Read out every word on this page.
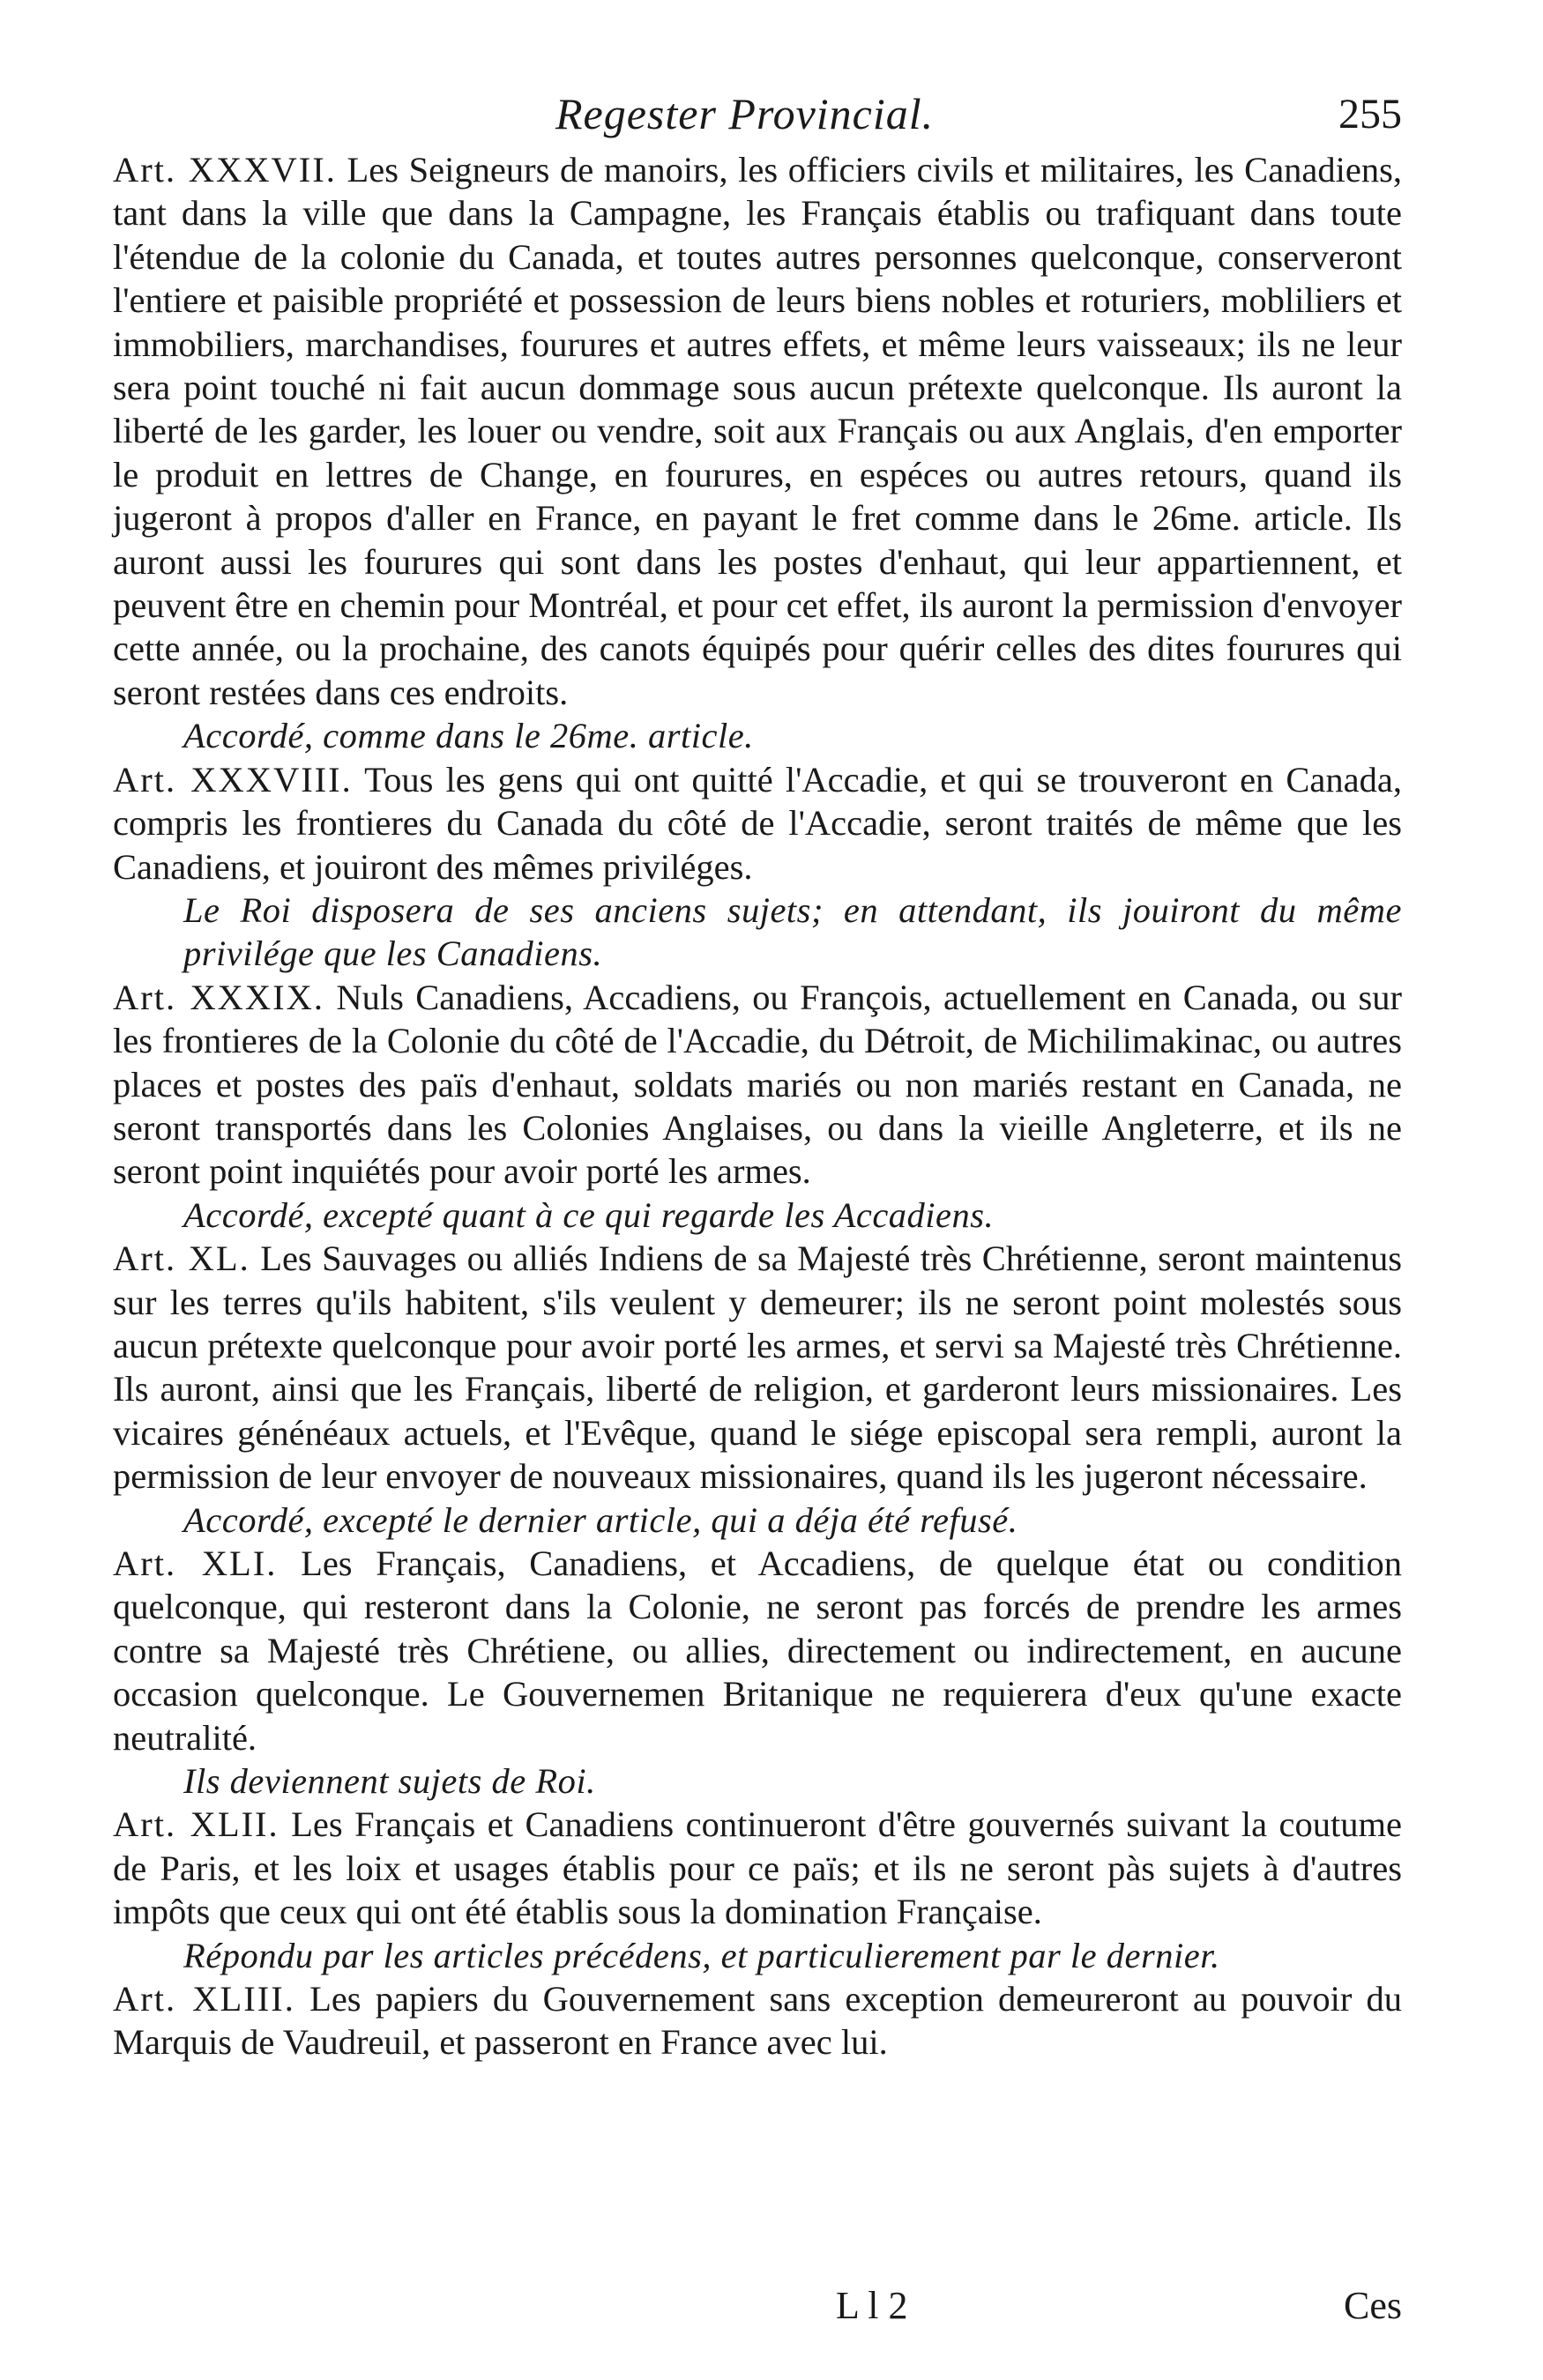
Regester Provincial.	255

Art. XXXVII. Les Seigneurs de manoirs, les officiers civils et militaires, les Canadiens, tant dans la ville que dans la Campagne, les Français établis ou trafiquant dans toute l'étendue de la colonie du Canada, et toutes autres personnes quelconque, conserveront l'entiere et paisible propriété et possession de leurs biens nobles et roturiers, mobliliers et immobiliers, marchandises, fourures et autres effets, et même leurs vaisseaux; ils ne leur sera point touché ni fait aucun dommage sous aucun prétexte quelconque. Ils auront la liberté de les garder, les louer ou vendre, soit aux Français ou aux Anglais, d'en emporter le produit en lettres de Change, en fourures, en espéces ou autres retours, quand ils jugeront à propos d'aller en France, en payant le fret comme dans le 26me. article. Ils auront aussi les fourures qui sont dans les postes d'enhaut, qui leur appartiennent, et peuvent être en chemin pour Montréal, et pour cet effet, ils auront la permission d'envoyer cette année, ou la prochaine, des canots équipés pour quérir celles des dites fourures qui seront restées dans ces endroits.

Accordé, comme dans le 26me. article.

Art. XXXVIII. Tous les gens qui ont quitté l'Accadie, et qui se trouveront en Canada, compris les frontieres du Canada du côté de l'Accadie, seront traités de même que les Canadiens, et jouiront des mêmes priviléges.

Le Roi disposera de ses anciens sujets; en attendant, ils jouiront du même privilége que les Canadiens.

Art. XXXIX. Nuls Canadiens, Accadiens, ou François, actuellement en Canada, ou sur les frontieres de la Colonie du côté de l'Accadie, du Détroit, de Michilimakinac, ou autres places et postes des païs d'enhaut, soldats mariés ou non mariés restant en Canada, ne seront transportés dans les Colonies Anglaises, ou dans la vieille Angleterre, et ils ne seront point inquiétés pour avoir porté les armes.

Accordé, excepté quant à ce qui regarde les Accadiens.

Art. XL. Les Sauvages ou alliés Indiens de sa Majesté très Chrétienne, seront maintenus sur les terres qu'ils habitent, s'ils veulent y demeurer; ils ne seront point molestés sous aucun prétexte quelconque pour avoir porté les armes, et servi sa Majesté très Chrétienne. Ils auront, ainsi que les Français, liberté de religion, et garderont leurs missionaires. Les vicaires génénéaux actuels, et l'Evêque, quand le siége episcopal sera rempli, auront la permission de leur envoyer de nouveaux missionaires, quand ils les jugeront nécessaire.

Accordé, excepté le dernier article, qui a déja été refusé.

Art. XLI. Les Français, Canadiens, et Accadiens, de quelque état ou condition quelconque, qui resteront dans la Colonie, ne seront pas forcés de prendre les armes contre sa Majesté très Chrétiene, ou allies, directement ou indirectement, en aucune occasion quelconque. Le Gouvernemen Britanique ne requierera d'eux qu'une exacte neutralité.

Ils deviennent sujets de Roi.

Art. XLII. Les Français et Canadiens continueront d'être gouvernés suivant la coutume de Paris, et les loix et usages établis pour ce païs; et ils ne seront pàs sujets à d'autres impôts que ceux qui ont été établis sous la domination Française.

Répondu par les articles précédens, et particulierement par le dernier.

Art. XLIII. Les papiers du Gouvernement sans exception demeureront au pouvoir du Marquis de Vaudreuil, et passeront en France avec lui.

L l 2	Ces
